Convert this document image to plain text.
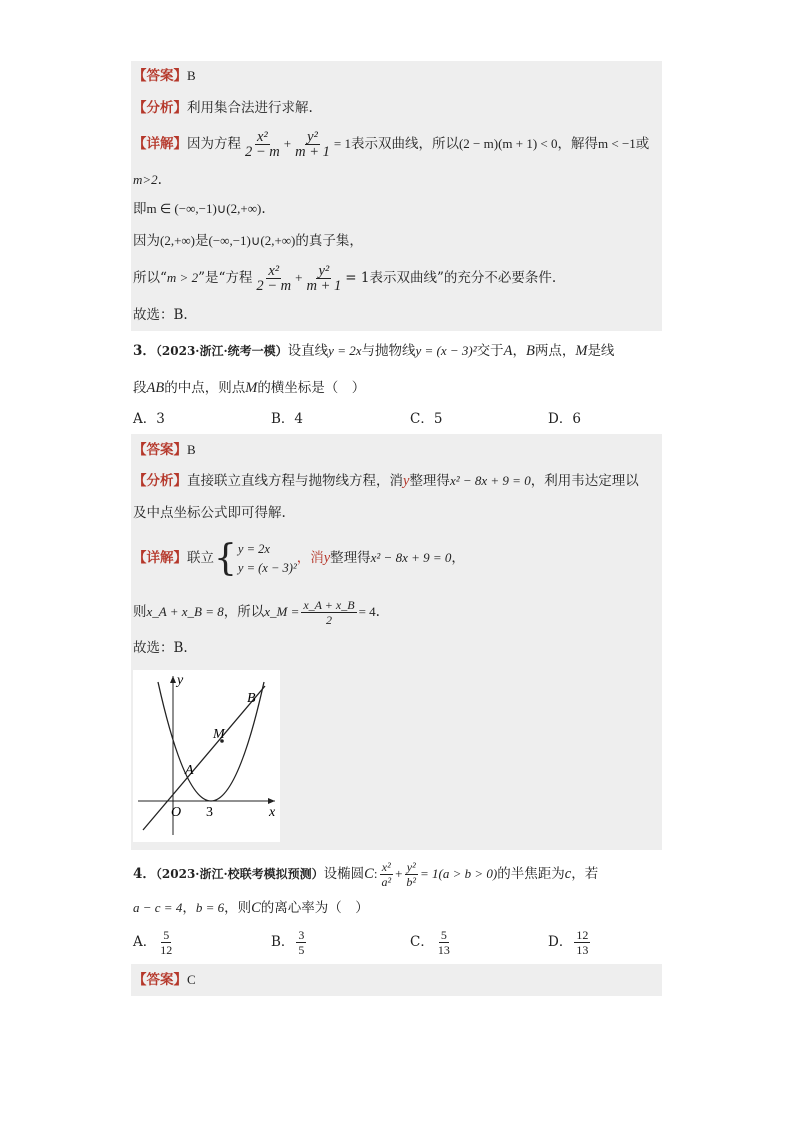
【答案】B
【分析】利用集合法进行求解.
【详解】因为方程 $\frac{\text{x²}}{2 - m} + \frac{\text{y²}}{m + 1} = 1$表示双曲线，所以(2 − m)(m + 1) < 0，解得m < −1或
m>2.
即m ∈ (−∞,−1)∪(2,+∞).
因为(2,+∞)是(−∞,−1)∪(2,+∞)的真子集，
所以“m > 2”是“方程 $\frac{\text{x²}}{2 - m} + \frac{\text{y²}}{m + 1} = 1$表示双曲线”的充分不必要条件.
故选：B.
3．（2023·浙江·统考一模）设直线y = 2x与抛物线y = (x − 3)²交于A，B两点，M是线
段AB的中点，则点M的横坐标是（　）
A．3	B．4	C．5	D．6
【答案】B
【分析】直接联立直线方程与抛物线方程，消y整理得x² − 8x + 9 = 0，利用韦达定理以
及中点坐标公式即可得解.
【详解】联立{ y = 2x
y = (x − 3)²
，消y整理得x² − 8x + 9 = 0，
则x_A + x_B = 8，所以x_M = $\frac{x\_A + x\_B}{2} = 4$.
故选：B.
y
x
O 3
A
B
M
4．（2023·浙江·校联考模拟预测）设椭圆C: $\frac{\text{x²}}{\text{a²}} + \frac{\text{y²}}{\text{b²}} = 1(a > b > 0)$的半焦距为c，若
a − c = 4，b = 6，则C的离心率为（　）
A． $\frac{5}{12}$	B． $\frac{3}{5}$	C． $\frac{5}{13}$	D． $\frac{12}{13}$
【答案】C
